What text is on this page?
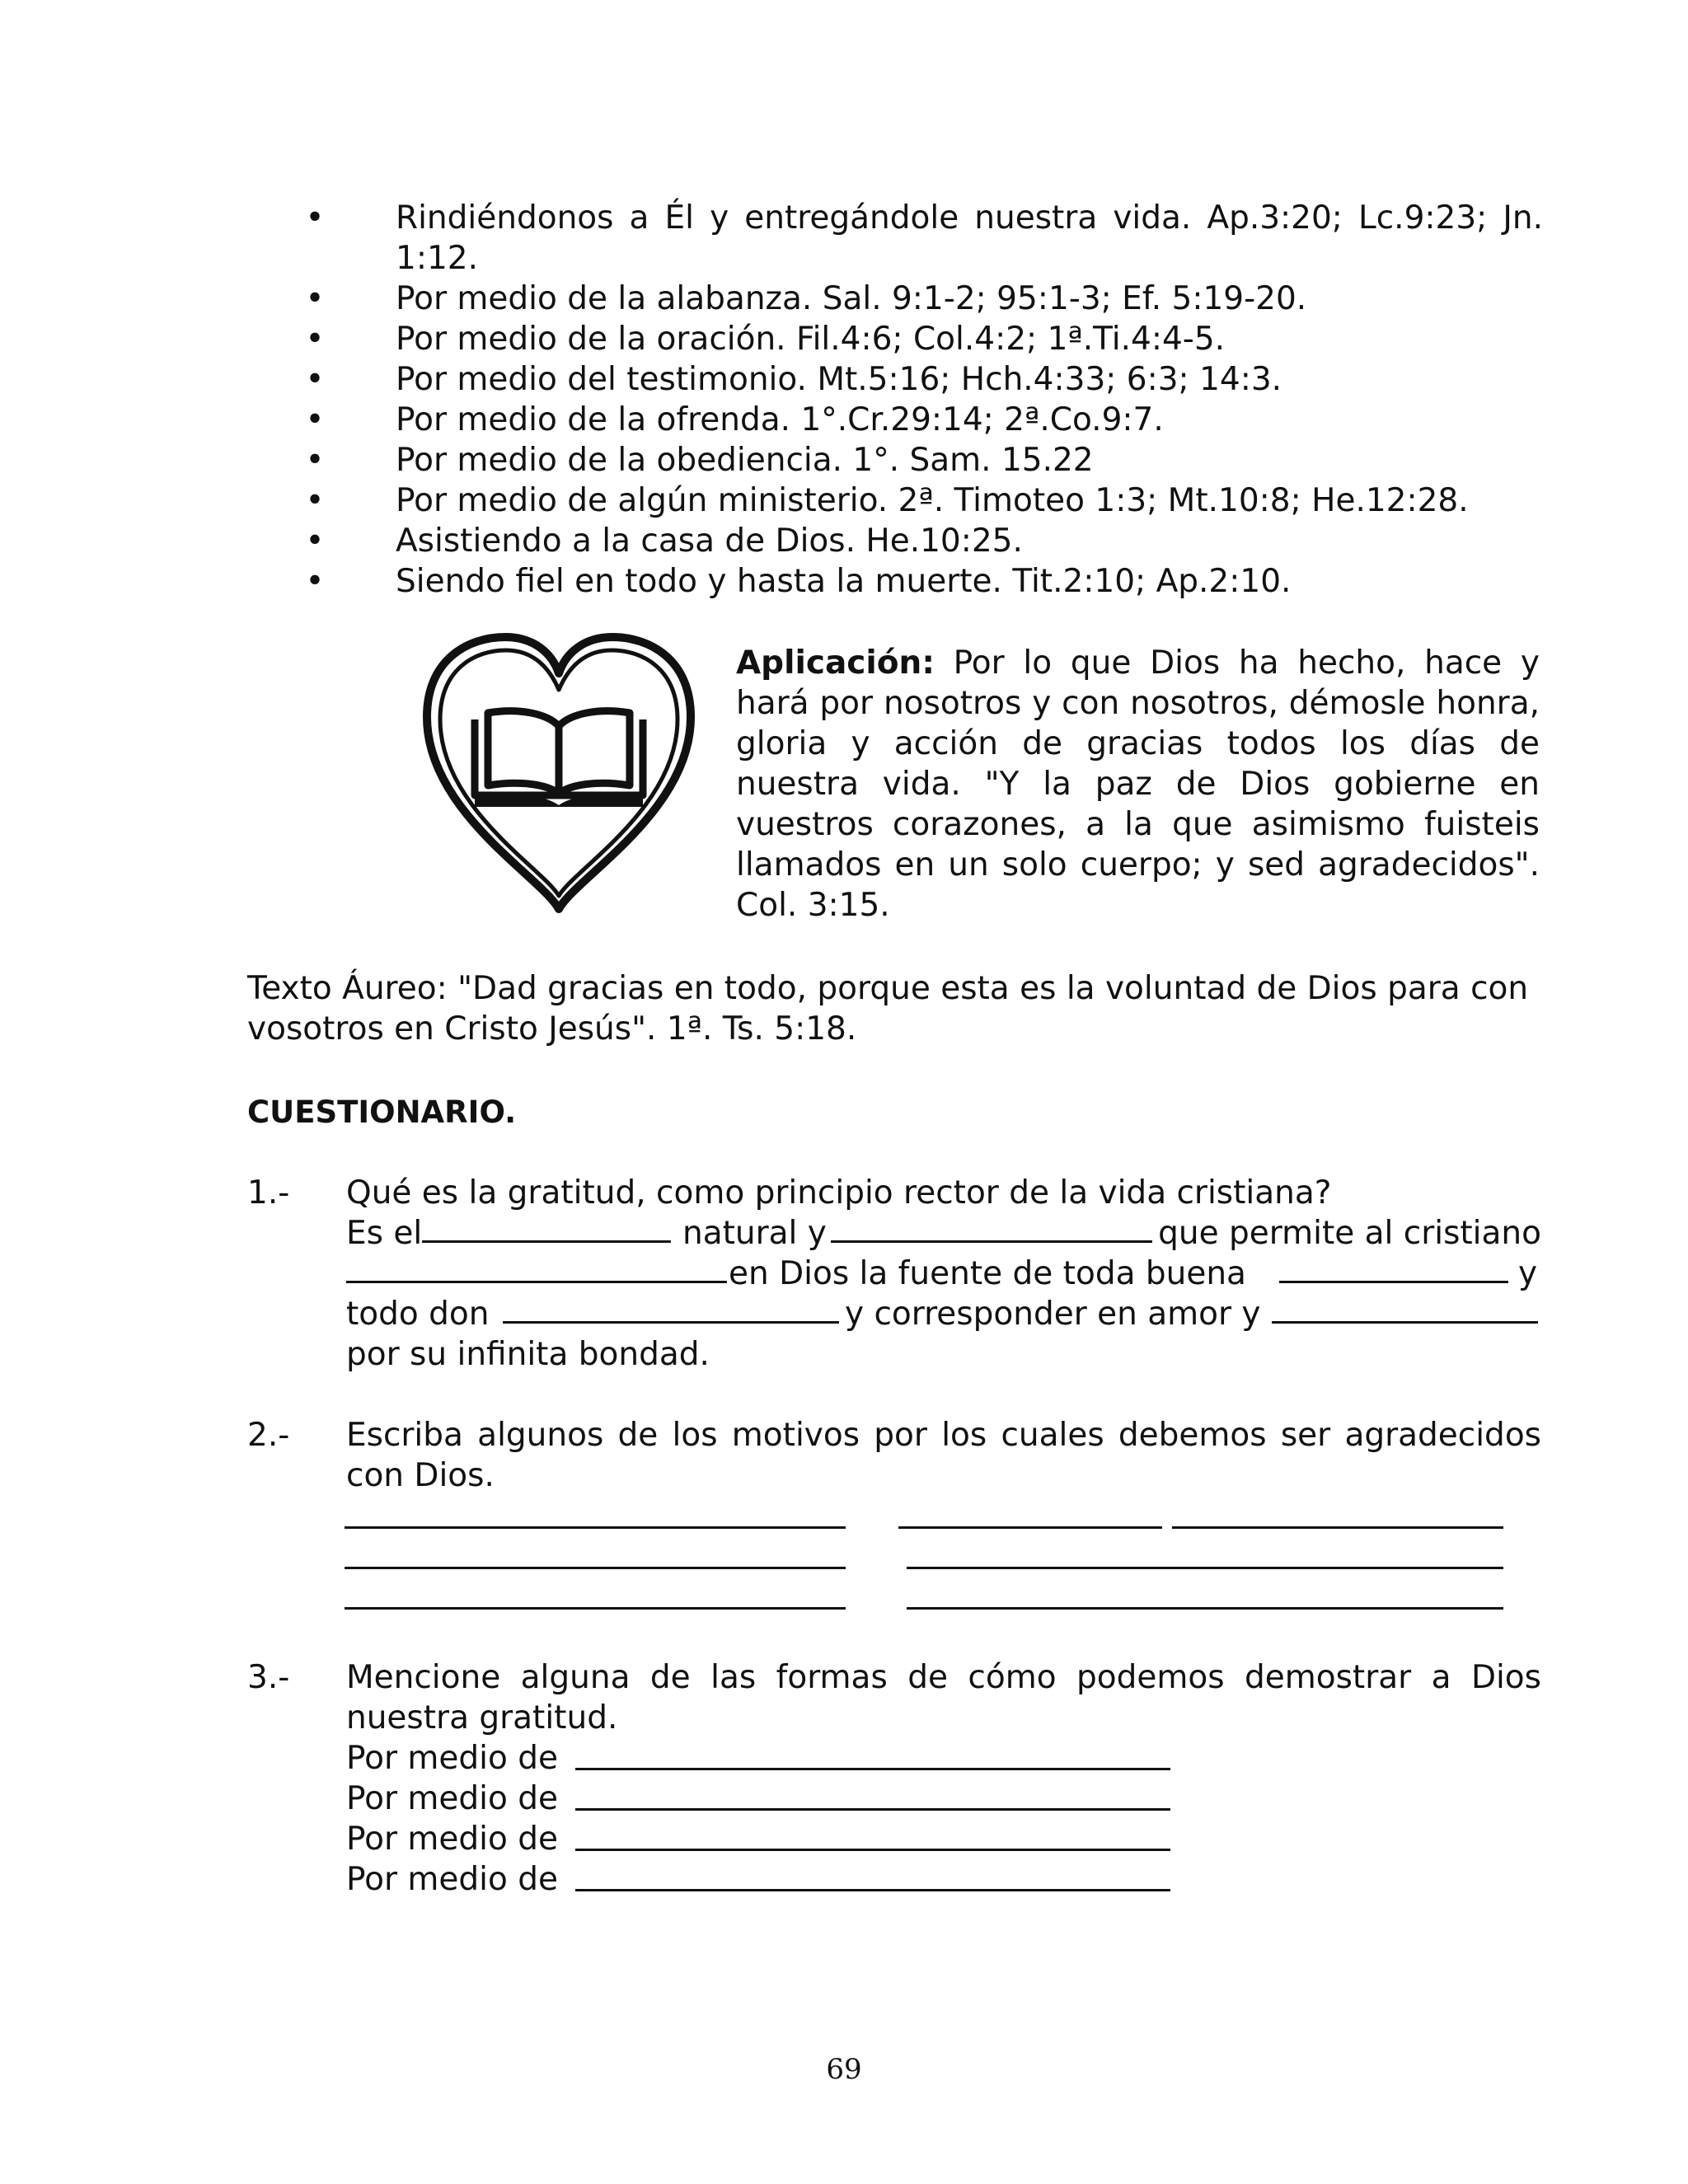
• Rindiéndonos a Él y entregándole nuestra vida. Ap.3:20; Lc.9:23; Jn. 1:12.
• Por medio de la alabanza. Sal. 9:1-2; 95:1-3; Ef. 5:19-20.
• Por medio de la oración. Fil.4:6; Col.4:2; 1ª.Ti.4:4-5.
• Por medio del testimonio. Mt.5:16; Hch.4:33; 6:3; 14:3.
• Por medio de la ofrenda. 1°.Cr.29:14; 2ª.Co.9:7.
• Por medio de la obediencia. 1°. Sam. 15.22
• Por medio de algún ministerio. 2ª. Timoteo 1:3; Mt.10:8; He.12:28.
• Asistiendo a la casa de Dios. He.10:25.
• Siendo fiel en todo y hasta la muerte. Tit.2:10; Ap.2:10.
Aplicación: Por lo que Dios ha hecho, hace y hará por nosotros y con nosotros, démosle honra, gloria y acción de gracias todos los días de nuestra vida. "Y la paz de Dios gobierne en vuestros corazones, a la que asimismo fuisteis llamados en un solo cuerpo; y sed agradecidos". Col. 3:15.
Texto Áureo: "Dad gracias en todo, porque esta es la voluntad de Dios para con vosotros en Cristo Jesús". 1ª. Ts. 5:18.
CUESTIONARIO.
1.-	Qué es la gratitud, como principio rector de la vida cristiana?
Es el	natural y	que permite al cristiano
en Dios la fuente de toda buena	y
todo don	y corresponder en amor y
por su infinita bondad.
2.-	Escriba algunos de los motivos por los cuales debemos ser agradecidos con Dios.
3.-	Mencione alguna de las formas de cómo podemos demostrar a Dios nuestra gratitud.
Por medio de
Por medio de
Por medio de
Por medio de
69
